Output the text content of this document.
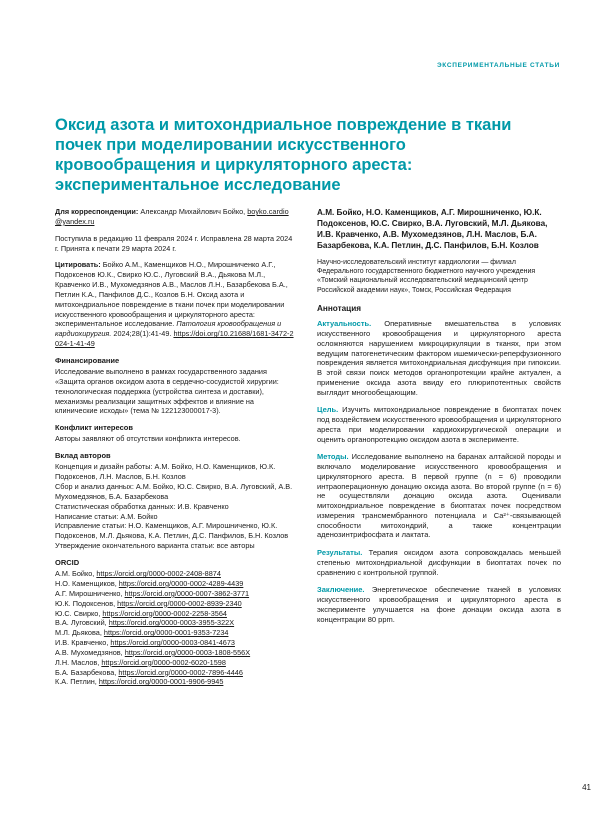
ЭКСПЕРИМЕНТАЛЬНЫЕ СТАТЬИ
Оксид азота и митохондриальное повреждение в ткани почек при моделировании искусственного кровообращения и циркуляторного ареста: экспериментальное исследование
Для корреспонденции: Александр Михайлович Бойко, boyko.cardio@yandex.ru
Поступила в редакцию 11 февраля 2024 г. Исправлена 28 марта 2024 г. Принята к печати 29 марта 2024 г.
Цитировать: Бойко А.М., Каменщиков Н.О., Мирошниченко А.Г., Подоксенов Ю.К., Свирко Ю.С., Луговский В.А., Дьякова М.Л., Кравченко И.В., Мухомедзянов А.В., Маслов Л.Н., Базарбекова Б.А., Петлин К.А., Панфилов Д.С., Козлов Б.Н. Оксид азота и митохондриальное повреждение в ткани почек при моделировании искусственного кровообращения и циркуляторного ареста: экспериментальное исследование. Патология кровообращения и кардиохирургия. 2024;28(1):41-49. https://doi.org/10.21688/1681-3472-2024-1-41-49
Финансирование
Исследование выполнено в рамках государственного задания «Защита органов оксидом азота в сердечно-сосудистой хирургии: технологическая поддержка (устройства синтеза и доставки), механизмы реализации защитных эффектов и влияние на клинические исходы» (тема № 122123000017-3).
Конфликт интересов
Авторы заявляют об отсутствии конфликта интересов.
Вклад авторов
Концепция и дизайн работы: А.М. Бойко, Н.О. Каменщиков, Ю.К. Подоксенов, Л.Н. Маслов, Б.Н. Козлов
Сбор и анализ данных: А.М. Бойко, Ю.С. Свирко, В.А. Луговский, А.В. Мухомедзянов, Б.А. Базарбекова
Статистическая обработка данных: И.В. Кравченко
Написание статьи: А.М. Бойко
Исправление статьи: Н.О. Каменщиков, А.Г. Мирошниченко, Ю.К. Подоксенов, М.Л. Дьякова, К.А. Петлин, Д.С. Панфилов, Б.Н. Козлов
Утверждение окончательного варианта статьи: все авторы
ORCID
А.М. Бойко, https://orcid.org/0000-0002-2408-8874
Н.О. Каменщиков, https://orcid.org/0000-0002-4289-4439
А.Г. Мирошниченко, https://orcid.org/0000-0007-3862-3771
Ю.К. Подоксенов, https://orcid.org/0000-0002-8939-2340
Ю.С. Свирко, https://orcid.org/0000-0002-2258-3564
В.А. Луговский, https://orcid.org/0000-0003-3955-322X
М.Л. Дьякова, https://orcid.org/0000-0001-9353-7234
И.В. Кравченко, https://orcid.org/0000-0003-0841-4673
А.В. Мухомедзянов, https://orcid.org/0000-0003-1808-556X
Л.Н. Маслов, https://orcid.org/0000-0002-6020-1598
Б.А. Базарбекова, https://orcid.org/0000-0002-7896-4446
К.А. Петлин, https://orcid.org/0000-0001-9906-9945
А.М. Бойко, Н.О. Каменщиков, А.Г. Мирошниченко, Ю.К. Подоксенов, Ю.С. Свирко, В.А. Луговский, М.Л. Дьякова, И.В. Кравченко, А.В. Мухомедзянов, Л.Н. Маслов, Б.А. Базарбекова, К.А. Петлин, Д.С. Панфилов, Б.Н. Козлов
Научно-исследовательский институт кардиологии — филиал Федерального государственного бюджетного научного учреждения «Томский национальный исследовательский медицинский центр Российской академии наук», Томск, Российская Федерация
Аннотация

Актуальность. Оперативные вмешательства в условиях искусственного кровообращения и циркуляторного ареста осложняются нарушением микроциркуляции в тканях, при этом ведущим патогенетическим фактором ишемически-реперфузионного повреждения является митохондриальная дисфункция при гипоксии. В этой связи поиск методов органопротекции крайне актуален, а применение оксида азота ввиду его плюрипотентных свойств выглядит многообещающим.

Цель. Изучить митохондриальное повреждение в биоптатах почек под воздействием искусственного кровообращения и циркуляторного ареста при моделировании кардиохирургической операции и оценить органопротекцию оксидом азота в эксперименте.

Методы. Исследование выполнено на баранах алтайской породы и включало моделирование искусственного кровообращения и циркуляторного ареста. В первой группе (n = 6) проводили интраоперационную донацию оксида азота. Во второй группе (n = 6) не осуществляли донацию оксида азота. Оценивали митохондриальное повреждение в биоптатах почек посредством измерения трансмембранного потенциала и Ca²⁺-связывающей способности митохондрий, а также концентрации аденозинтрифосфата и лактата.

Результаты. Терапия оксидом азота сопровождалась меньшей степенью митохондриальной дисфункции в биоптатах почек по сравнению с контрольной группой.

Заключение. Энергетическое обеспечение тканей в условиях искусственного кровообращения и циркуляторного ареста в эксперименте улучшается на фоне донации оксида азота в концентрации 80 ppm.

41
